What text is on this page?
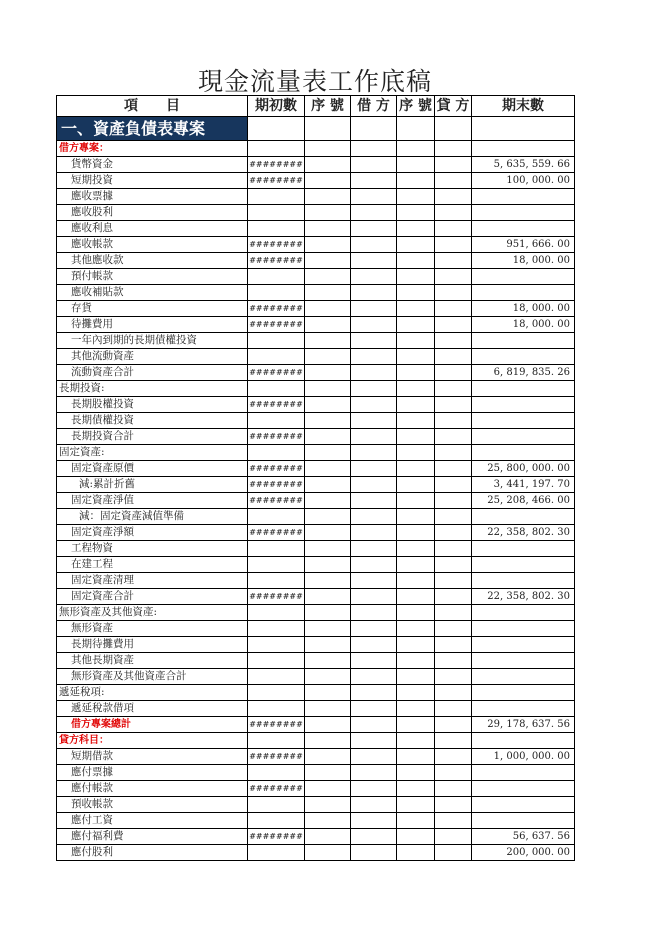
現金流量表工作底稿
項　　目	期初數	序 號	借 方	序 號	貸 方	期末數
一、資產負債表專案						
借方專案：						
貨幣資金	########					5, 635, 559. 66
短期投資	########					100, 000. 00
應收票據						
應收股利						
應收利息						
應收帳款	########					951, 666. 00
其他應收款	########					18, 000. 00
預付帳款						
應收補貼款						
存貨	########					18, 000. 00
待攤費用	########					18, 000. 00
一年內到期的長期債權投資						
其他流動資產						
流動資產合計	########					6, 819, 835. 26
長期投資:						
長期股權投資	########					
長期債權投資						
長期投資合計	########					
固定資產:						
固定資產原價	########					25, 800, 000. 00
減:累計折舊	########					3, 441, 197. 70
固定資產淨值	########					25, 208, 466. 00
減：固定資產減值準備						
固定資產淨額	########					22, 358, 802. 30
工程物資						
在建工程						
固定資產清理						
固定資產合計	########					22, 358, 802. 30
無形資產及其他資產:						
無形資產						
長期待攤費用						
其他長期資產						
無形資產及其他資產合計						
遞延稅項:						
遞延稅款借項						
借方專案總計	########					29, 178, 637. 56
貸方科目：						
短期借款	########					1, 000, 000. 00
應付票據						
應付帳款	########					
預收帳款						
應付工資						
應付福利費	########					56, 637. 56
應付股利						200, 000. 00
